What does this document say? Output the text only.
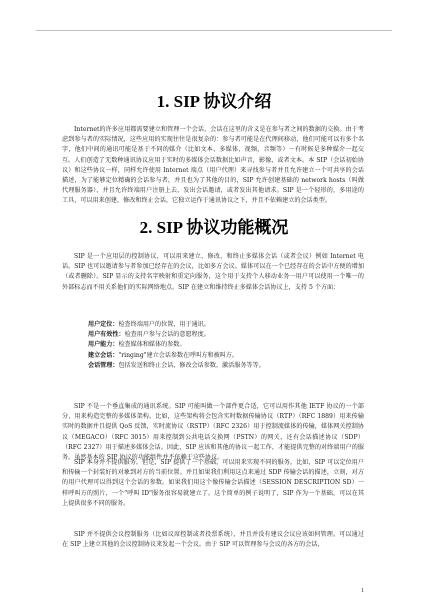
1. SIP 协议介绍

Internet的许多应用都需要建立和管理一个会话，会话在这里的含义是在参与者之间的数据的交换。由于考虑到参与者的实际情况，这些应用的实现往往是很复杂的：参与者可能是在代理间移动，他们可能可以有多个名字，他们中间的通讯可能是基于不同的媒介（比如文本、多媒体，视频，音频等）－有时候是多种媒介一起交互。人们创造了无数种通讯协议应用于实时的多媒体会话数据比如声音，影像，或者文本。本 SIP（会话初始协议）和这些协议一样，同样允许使用 Internet 端点（用户代理）来寻找参与者并且允许建立一个可共享的会话描述，为了能够定位精确的会话参与者，并且也为了其他的目的，SIP 允许创建基础的 network hosts（叫做代理服务器），并且允许终端用户注册上去，发出会话邀请，或者发出其他请求。SIP 是一个轻形的，多用途的工具，可以用来创建，修改和终止会话，它独立运作于通讯协议之下，并且不依赖建立的会话类型。

2. SIP 协议功能概况

SIP 是一个应用层的控制协议，可以用来建立、修改、和终止多媒体会话（或者会议）例如 Internet 电话。SIP 也可以邀请参与者参加已经存在的会议，比如多方会议。媒体可以在一个已经存在的会话中方便的增加（或者删除）。SIP 显示的支持名字映射和重定向服务，这个用于支持个人移动业务一用户可以使用一个唯一的外部标志而不用关系他们的实际网络地点。SIP 在建立和维持终止多媒体会话协议上，支持 5 个方面：

用户定位：检查终端用户的位置，用于通讯。
用户有效性：检查用户参与会话的意愿程度。
用户能力：检查媒体和媒体的参数。
建立会话："ringing"建立会话参数在呼叫方和被叫方。
会话管理：包括发送和终止会话，修改会话参数，激活服务等等。

SIP 不是一个垂直集成的通讯系统。SIP 可能叫做一个部件更合适，它可以用作其他 IETF 协议的一个部分，用来构造完整的多媒体架构。比如，这些架构将会包含实时数据传输协议（RTP）（RFC 1889）用来传输实时的数据并且提供 QoS 反馈，实时流协议（RSTP）（RFC 2326）用于控制流媒体的传输，媒体网关控制协议（MEGACO）（RFC 3015）用来控制到公共电话交换网（PSTN）的网关，还有会话描述协议（SDP）（RFC 2327）用于描述多媒体会话。因此，SIP 应该和其他的协议一起工作，才能提供完整的对终端用户的服务。虽然基本的 SIP 协议的功能组件并不依赖于这些协议。

SIP 本身并不提供服务。但是，SIP 提供了一个基础，可以用来实现不同的服务。比如，SIP 可以定位用户和传输一个封装好的对象到对方的当前位置。并且如果我们利用这点来通过 SDP 传输会话的描述，立刻，对方的用户代理可以得到这个会话的参数。如果我们用这个像传输会话描述（SESSION DESCRIPTION SD）一样呼叫方的照片，一个"呼叫 ID"服务很容易就建立了。这个简单的例子说明了，SIP 作为一个基础，可以在其上提供很多不同的服务。

SIP 并不提供会议控制服务（比如议席控制或者投票系统），并且并没有建议会议应该如何管理。可以通过在 SIP 上建立其他的会议控制协议来发起一个会议。由于 SIP 可以管理参与会议的各方的会话，

1
